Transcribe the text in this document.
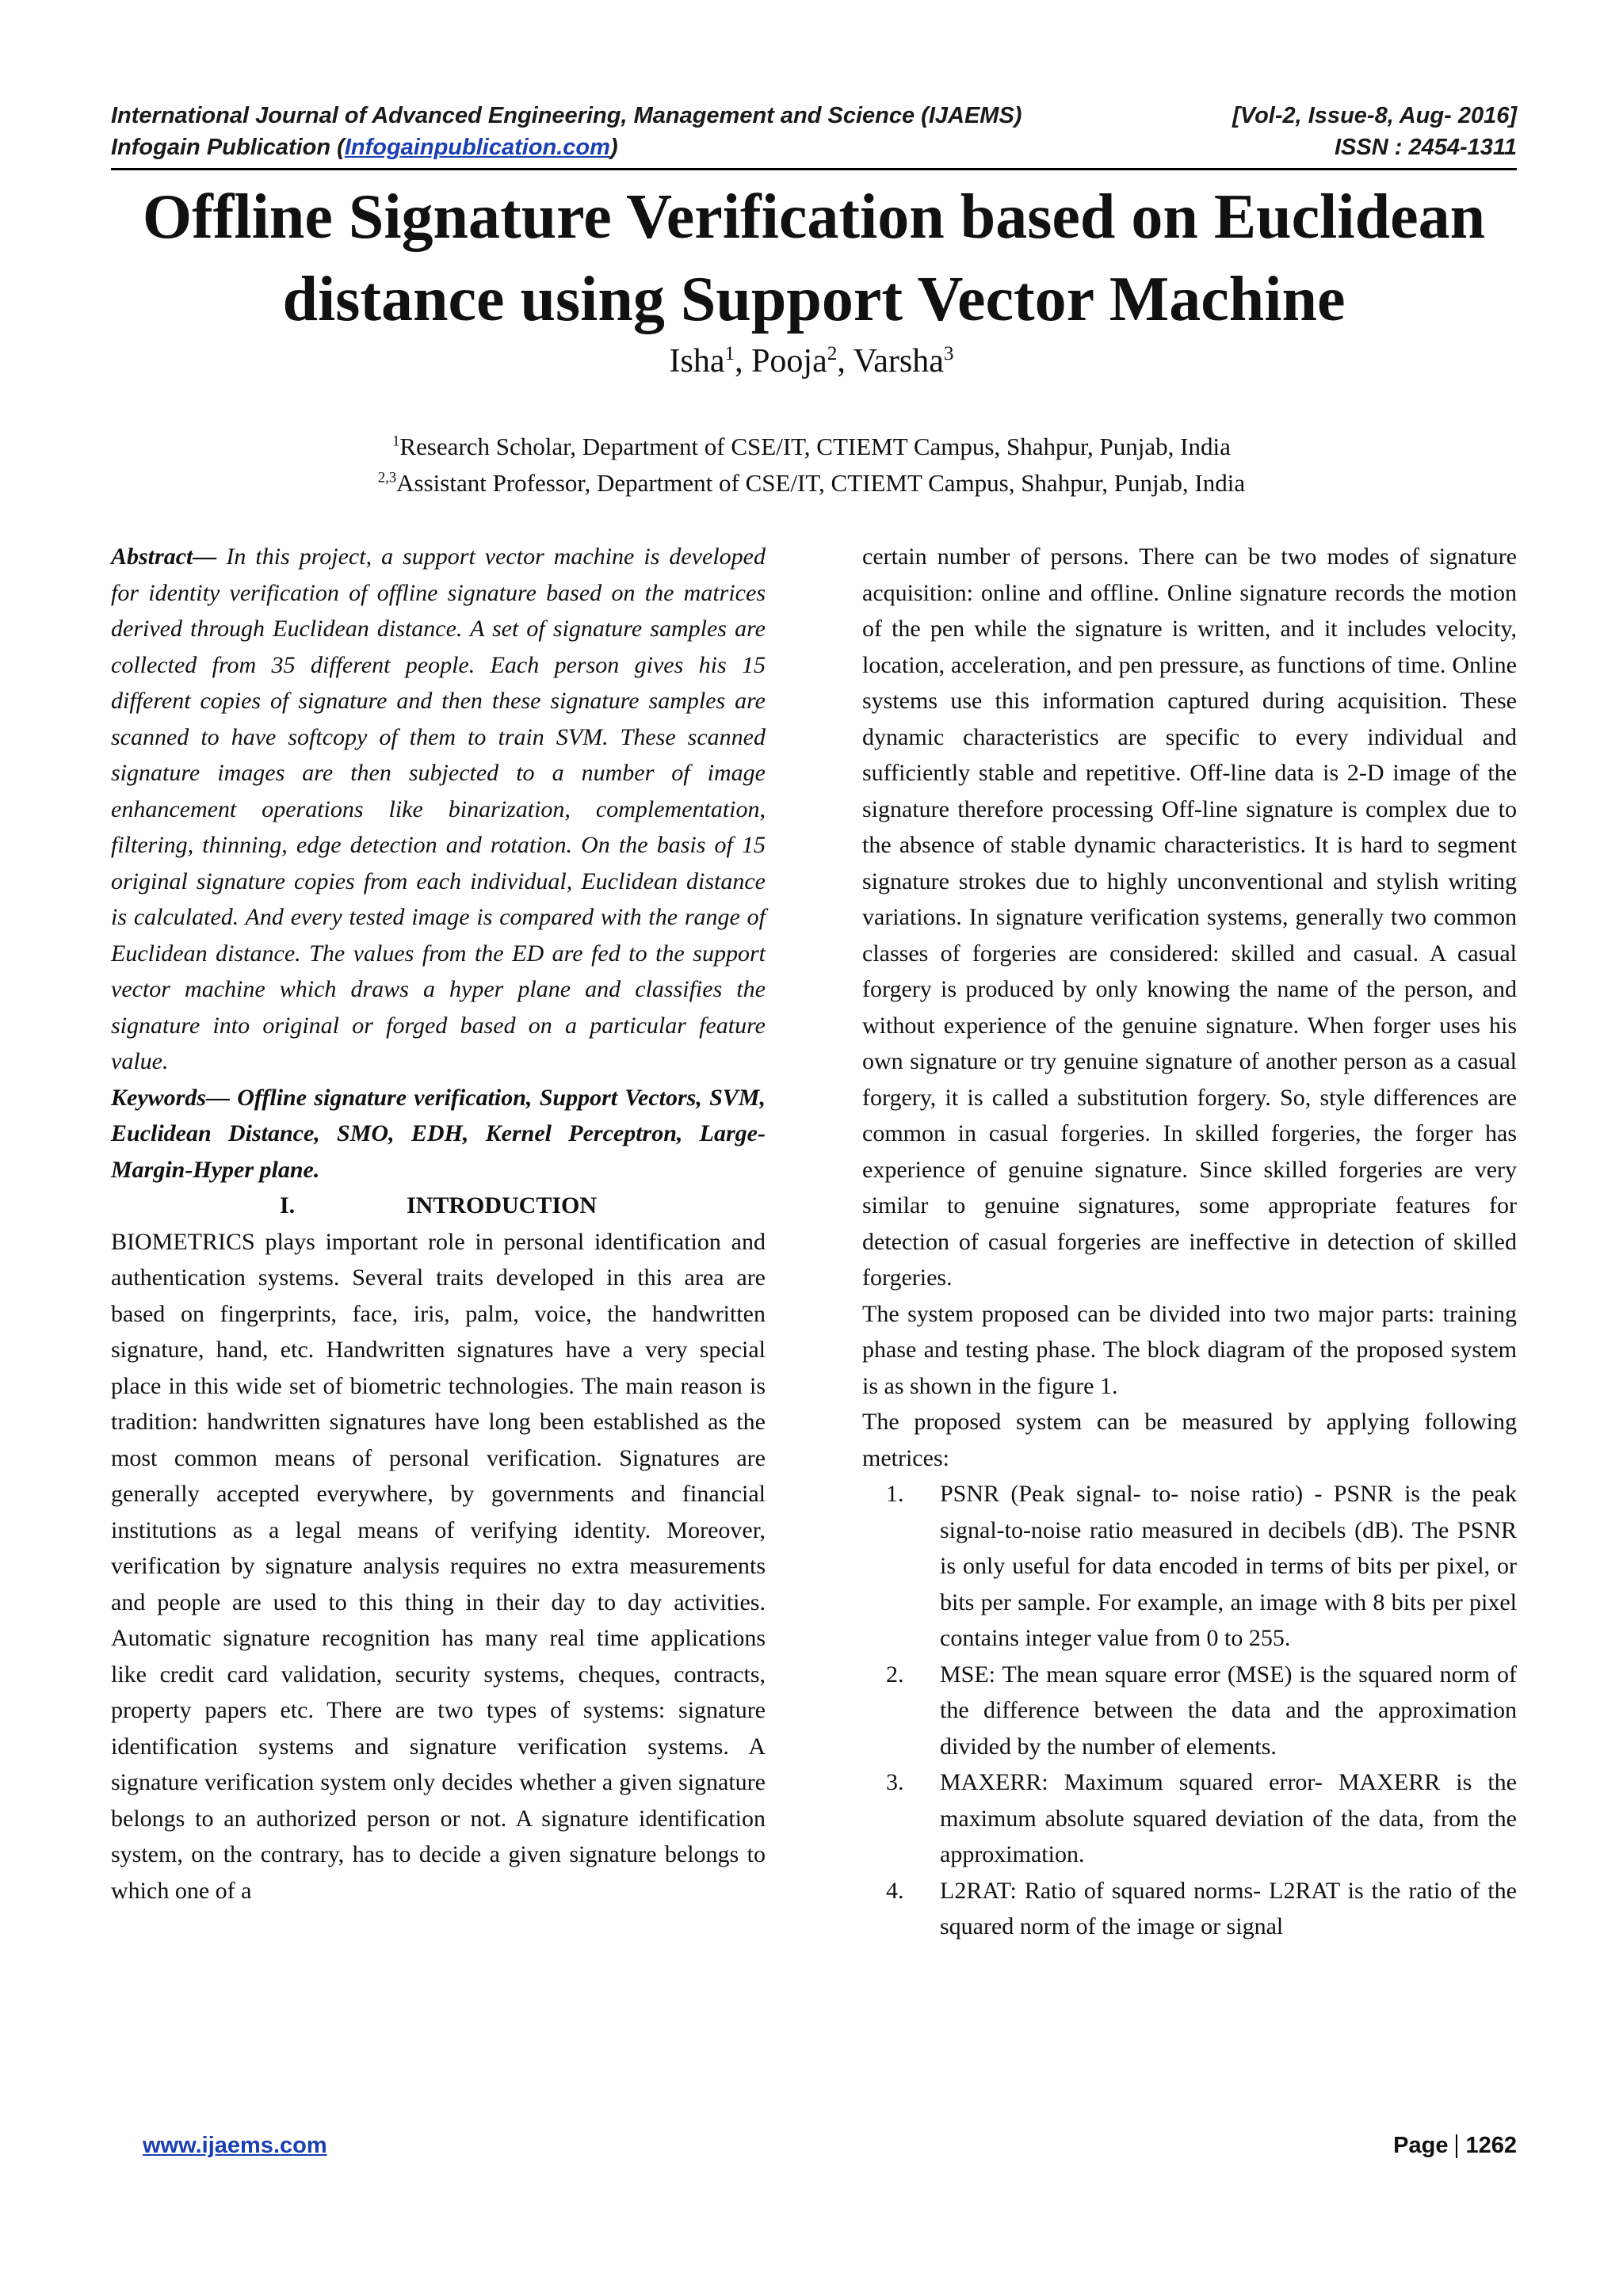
International Journal of Advanced Engineering, Management and Science (IJAEMS)	[Vol-2, Issue-8, Aug- 2016]
Infogain Publication (Infogainpublication.com)	ISSN : 2454-1311
Offline Signature Verification based on Euclidean
distance using Support Vector Machine
Isha$^1$, Pooja$^2$, Varsha$^3$
$^1$Research Scholar, Department of CSE/IT, CTIEMT Campus, Shahpur, Punjab, India
$^{2,3}$Assistant Professor, Department of CSE/IT, CTIEMT Campus, Shahpur, Punjab, India

Abstract— In this project, a support vector machine is developed for identity verification of offline signature based on the matrices derived through Euclidean distance. A set of signature samples are collected from 35 different people. Each person gives his 15 different copies of signature and then these signature samples are scanned to have softcopy of them to train SVM. These scanned signature images are then subjected to a number of image enhancement operations like binarization, complementation, filtering, thinning, edge detection and rotation. On the basis of 15 original signature copies from each individual, Euclidean distance is calculated. And every tested image is compared with the range of Euclidean distance. The values from the ED are fed to the support vector machine which draws a hyper plane and classifies the signature into original or forged based on a particular feature value.

Keywords— Offline signature verification, Support Vectors, SVM, Euclidean Distance, SMO, EDH, Kernel Perceptron, Large-Margin-Hyper plane.

I.	INTRODUCTION

BIOMETRICS plays important role in personal identification and authentication systems. Several traits developed in this area are based on fingerprints, face, iris, palm, voice, the handwritten signature, hand, etc. Handwritten signatures have a very special place in this wide set of biometric technologies. The main reason is tradition: handwritten signatures have long been established as the most common means of personal verification. Signatures are generally accepted everywhere, by governments and financial institutions as a legal means of verifying identity. Moreover, verification by signature analysis requires no extra measurements and people are used to this thing in their day to day activities. Automatic signature recognition has many real time applications like credit card validation, security systems, cheques, contracts, property papers etc. There are two types of systems: signature identification systems and signature verification systems. A signature verification system only decides whether a given signature belongs to an authorized person or not. A signature identification system, on the contrary, has to decide a given signature belongs to which one of a

certain number of persons. There can be two modes of signature acquisition: online and offline. Online signature records the motion of the pen while the signature is written, and it includes velocity, location, acceleration, and pen pressure, as functions of time. Online systems use this information captured during acquisition. These dynamic characteristics are specific to every individual and sufficiently stable and repetitive. Off-line data is 2-D image of the signature therefore processing Off-line signature is complex due to the absence of stable dynamic characteristics. It is hard to segment signature strokes due to highly unconventional and stylish writing variations. In signature verification systems, generally two common classes of forgeries are considered: skilled and casual. A casual forgery is produced by only knowing the name of the person, and without experience of the genuine signature. When forger uses his own signature or try genuine signature of another person as a casual forgery, it is called a substitution forgery. So, style differences are common in casual forgeries. In skilled forgeries, the forger has experience of genuine signature. Since skilled forgeries are very similar to genuine signatures, some appropriate features for detection of casual forgeries are ineffective in detection of skilled forgeries.

The system proposed can be divided into two major parts: training phase and testing phase. The block diagram of the proposed system is as shown in the figure 1.

The proposed system can be measured by applying following metrices:

1. PSNR (Peak signal- to- noise ratio) - PSNR is the peak signal-to-noise ratio measured in decibels (dB). The PSNR is only useful for data encoded in terms of bits per pixel, or bits per sample. For example, an image with 8 bits per pixel contains integer value from 0 to 255.
2. MSE: The mean square error (MSE) is the squared norm of the difference between the data and the approximation divided by the number of elements.
3. MAXERR: Maximum squared error- MAXERR is the maximum absolute squared deviation of the data, from the approximation.
4. L2RAT: Ratio of squared norms- L2RAT is the ratio of the squared norm of the image or signal
www.ijaems.com	Page 1262
